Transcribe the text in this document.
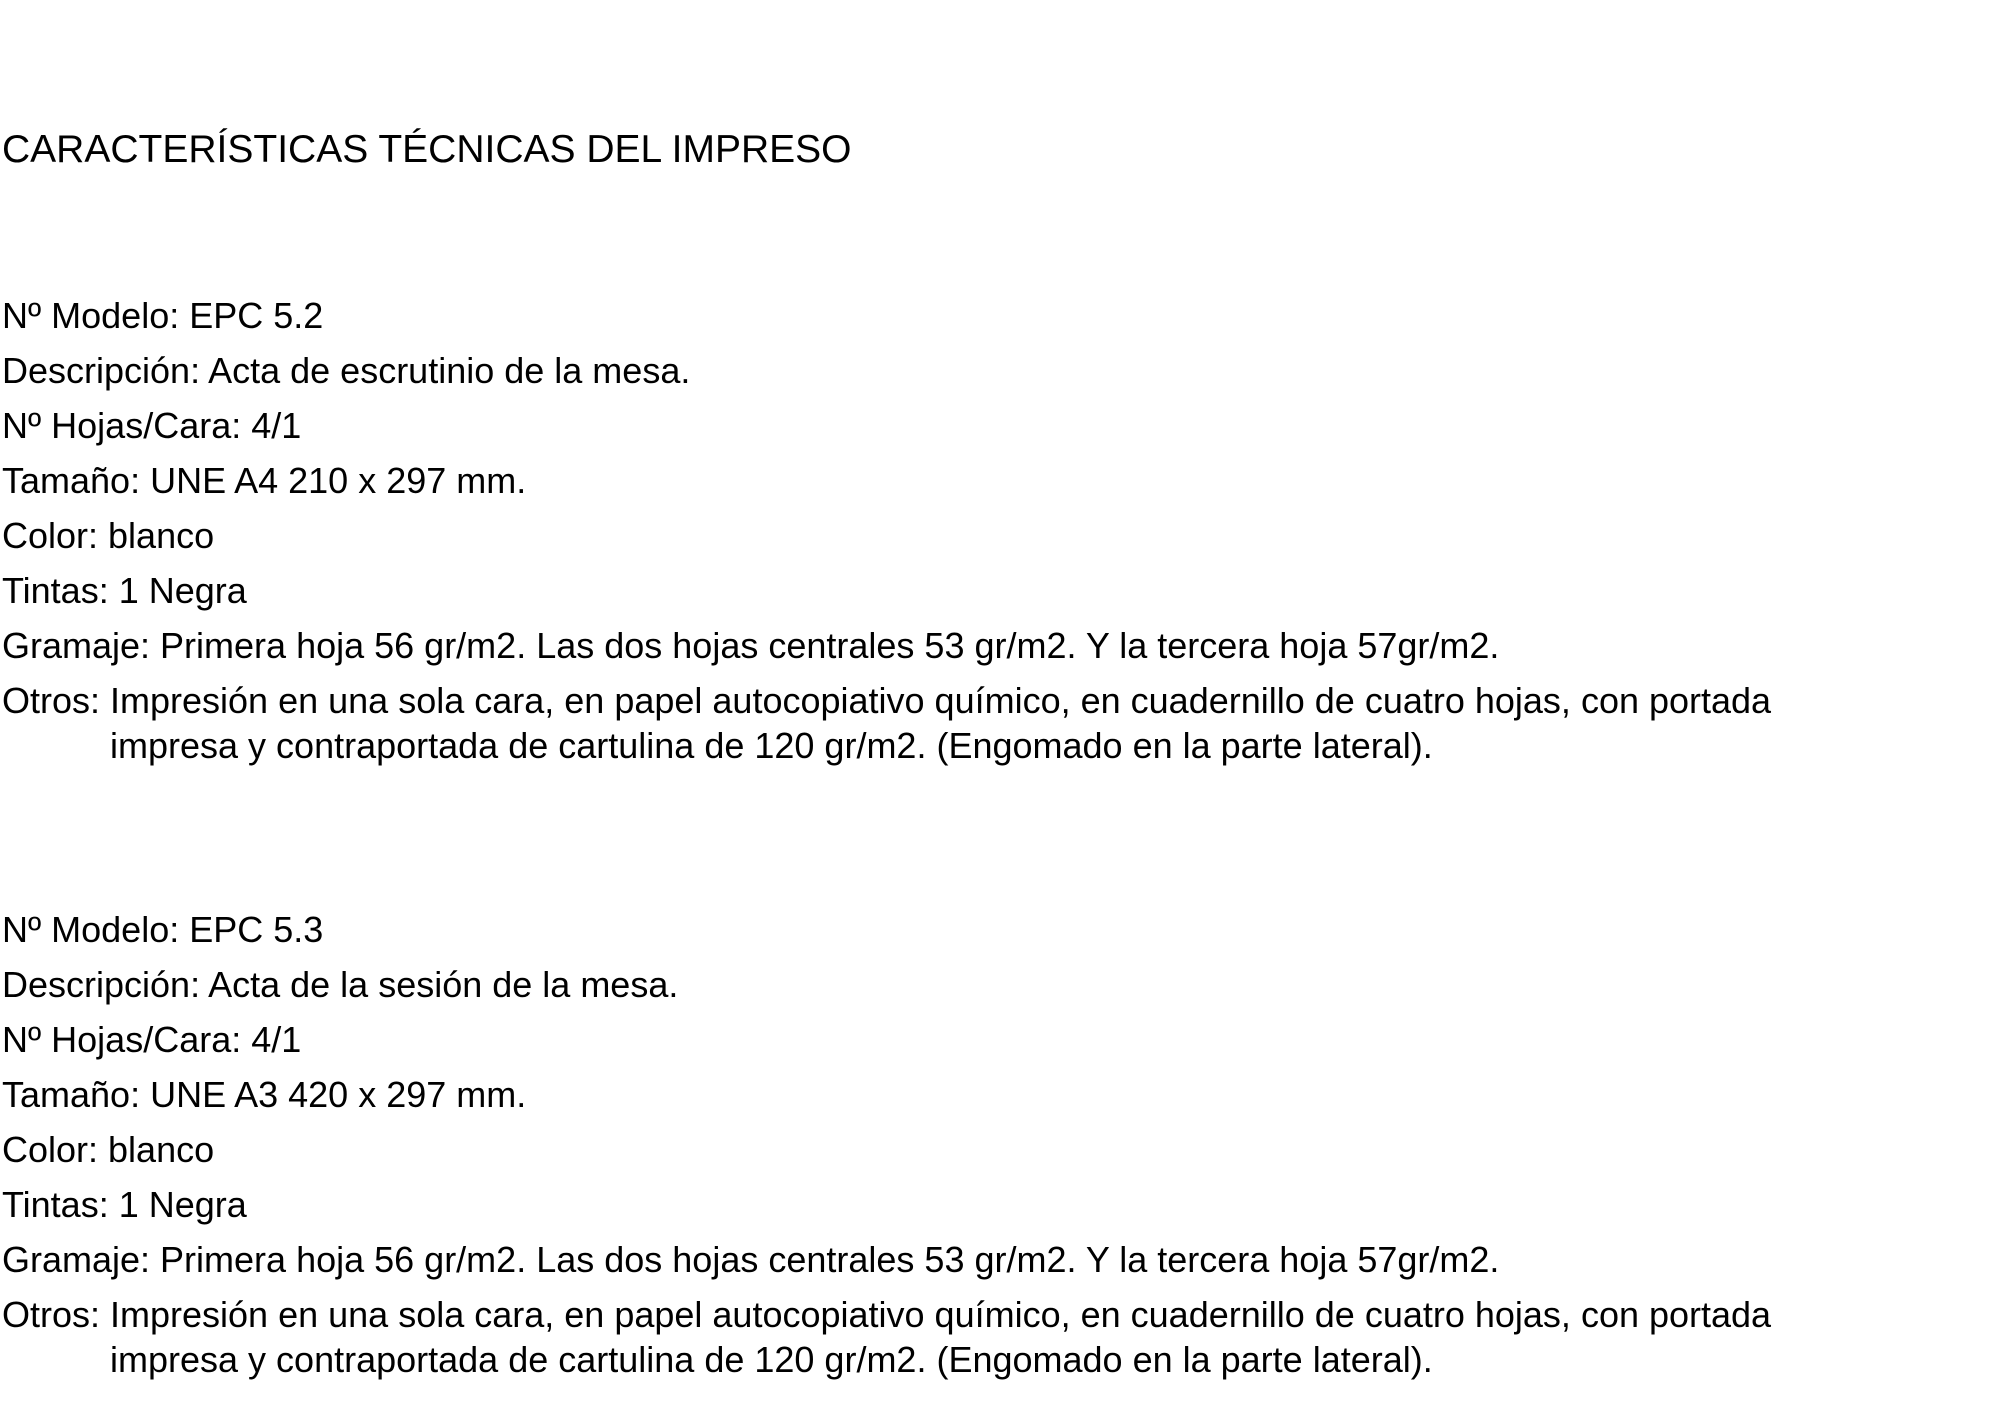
CARACTERÍSTICAS TÉCNICAS DEL IMPRESO

Nº Modelo: EPC 5.2

Descripción: Acta de escrutinio de la mesa.

Nº Hojas/Cara: 4/1

Tamaño: UNE A4 210 x 297 mm.

Color: blanco

Tintas: 1 Negra

Gramaje: Primera hoja 56 gr/m2. Las dos hojas centrales 53 gr/m2. Y la tercera hoja 57gr/m2.

Otros: Impresión en una sola cara, en papel autocopiativo químico, en cuadernillo de cuatro hojas, con portada

impresa y contraportada de cartulina de 120 gr/m2. (Engomado en la parte lateral).

Nº Modelo: EPC 5.3

Descripción: Acta de la sesión de la mesa.

Nº Hojas/Cara: 4/1

Tamaño: UNE A3 420 x 297 mm.

Color: blanco

Tintas: 1 Negra

Gramaje: Primera hoja 56 gr/m2. Las dos hojas centrales 53 gr/m2. Y la tercera hoja 57gr/m2.

Otros: Impresión en una sola cara, en papel autocopiativo químico, en cuadernillo de cuatro hojas, con portada

impresa y contraportada de cartulina de 120 gr/m2. (Engomado en la parte lateral).
